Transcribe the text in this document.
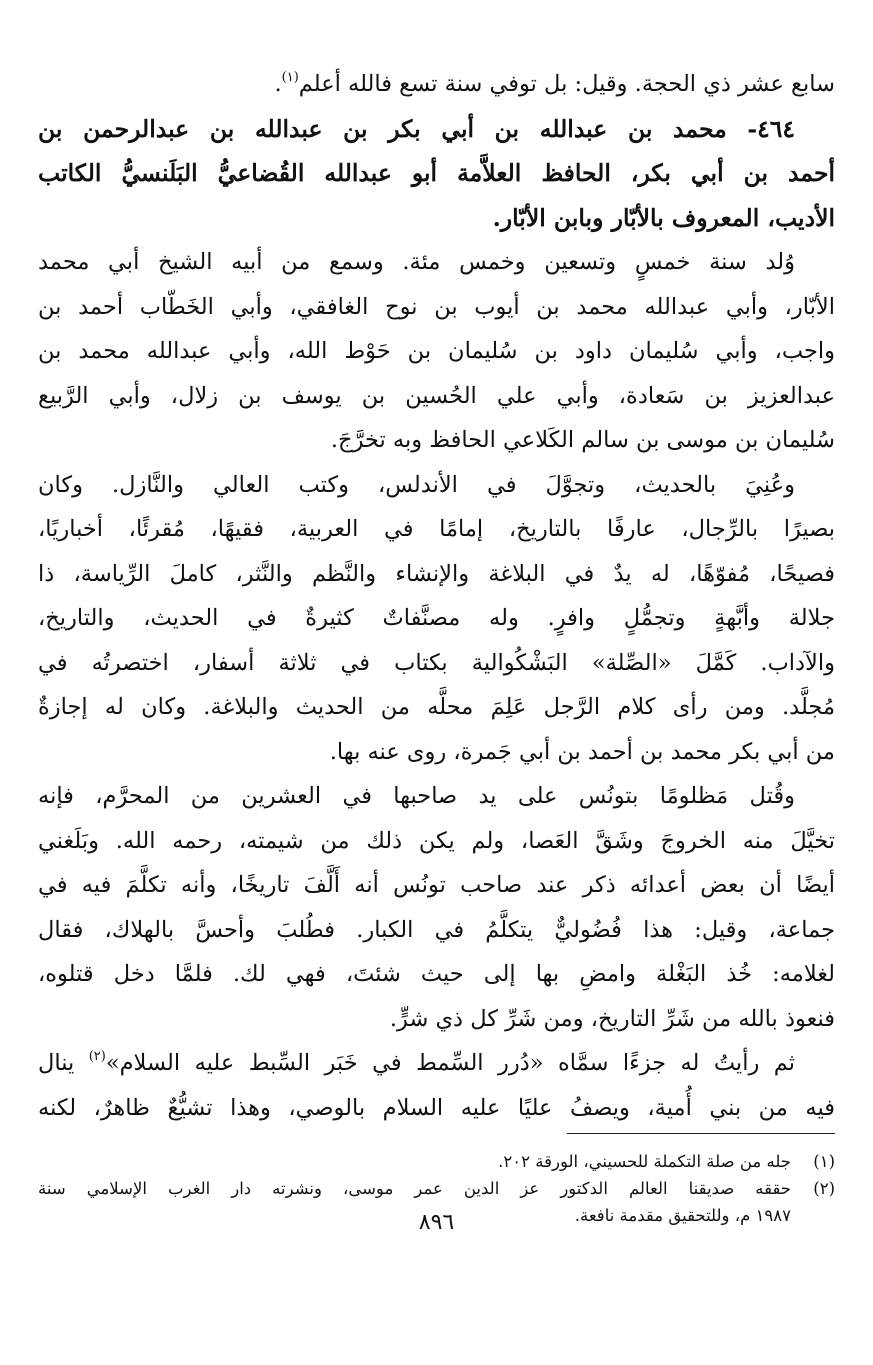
سابع عشر ذي الحجة. وقيل: بل توفي سنة تسع فالله أعلم$^{(١)}$.
٤٦٤- محمد بن عبدالله بن أبي بكر بن عبدالله بن عبدالرحمن بن
أحمد بن أبي بكر، الحافظ العلاَّمة أبو عبدالله القُضاعيُّ البَلَنسيُّ الكاتب
الأديب، المعروف بالأبّار وبابن الأبّار.
وُلد سنة خمسٍ وتسعين وخمس مئة. وسمع من أبيه الشيخ أبي محمد
الأبّار، وأبي عبدالله محمد بن أيوب بن نوح الغافقي، وأبي الخَطّاب أحمد بن
واجب، وأبي سُليمان داود بن سُليمان بن حَوْط الله، وأبي عبدالله محمد بن
عبدالعزيز بن سَعادة، وأبي علي الحُسين بن يوسف بن زلال، وأبي الرَّبيع
سُليمان بن موسى بن سالم الكَلاعي الحافظ وبه تخرَّجَ.
وعُنِيَ بالحديث، وتجوَّلَ في الأندلس، وكتب العالي والنَّازل. وكان
بصيرًا بالرِّجال، عارفًا بالتاريخ، إمامًا في العربية، فقيهًا، مُقرئًا، أخباريًا،
فصيحًا، مُفوّهًا، له يدٌ في البلاغة والإنشاء والنَّظم والنَّثر، كاملَ الرِّياسة، ذا
جلالة وأبَّهةٍ وتجمُّلٍ وافرٍ. وله مصنَّفاتٌ كثيرةٌ في الحديث، والتاريخ،
والآداب. كَمَّلَ «الصِّلة» البَشْكُوالية بكتاب في ثلاثة أسفار، اختصرتُه في
مُجلَّد. ومن رأى كلام الرَّجل عَلِمَ محلَّه من الحديث والبلاغة. وكان له إجازةٌ
من أبي بكر محمد بن أحمد بن أبي جَمرة، روى عنه بها.
وقُتل مَظلومًا بتونُس على يد صاحبها في العشرين من المحرَّم، فإنه
تخيَّلَ منه الخروجَ وشَقَّ العَصا، ولم يكن ذلك من شيمته، رحمه الله. وبَلَغني
أيضًا أن بعض أعدائه ذكر عند صاحب تونُس أنه أَلَّفَ تاريخًا، وأنه تكلَّمَ فيه في
جماعة، وقيل: هذا فُضُوليٌّ يتكلَّمُ في الكبار. فطُلبَ وأحسَّ بالهلاك، فقال
لغلامه: خُذ البَغْلة وامضِ بها إلى حيث شئتَ، فهي لك. فلمَّا دخل قتلوه،
فنعوذ بالله من شَرِّ التاريخ، ومن شَرِّ كل ذي شرٍّ.
ثم رأيتُ له جزءًا سمَّاه «دُرر السِّمط في خَبَر السِّبط عليه السلام»$^{(٢)}$ ينال
فيه من بني أُمية، ويصفُ عليًا عليه السلام بالوصي، وهذا تشيُّعٌ ظاهرٌ، لكنه
(١)
جله من صلة التكملة للحسيني، الورقة ٢٠٢.
(٢)
حققه صديقنا العالم الدكتور عز الدين عمر موسى، ونشرته دار الغرب الإسلامي سنة
١٩٨٧ م، وللتحقيق مقدمة نافعة.
٨٩٦
